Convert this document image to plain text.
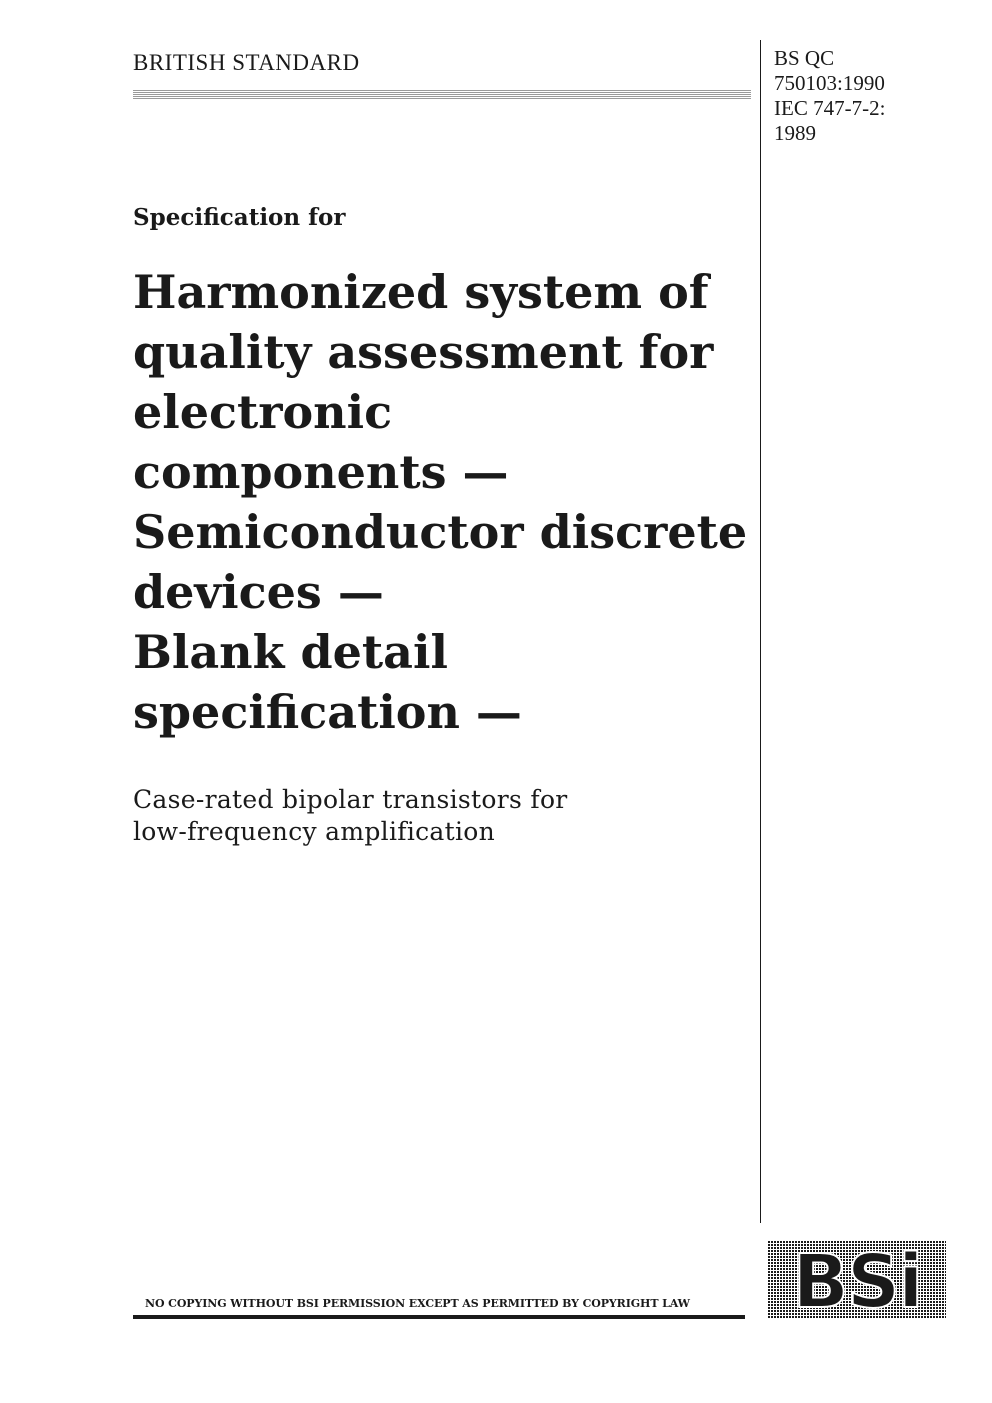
BRITISH STANDARD	BS QC
750103:1990
IEC 747-7-2:
1989
Specification for
Harmonized system of
quality assessment for
electronic
components —
Semiconductor discrete
devices —
Blank detail
specification —
Case-rated bipolar transistors for
low-frequency amplification
NO COPYING WITHOUT BSI PERMISSION EXCEPT AS PERMITTED BY COPYRIGHT LAW BSi
